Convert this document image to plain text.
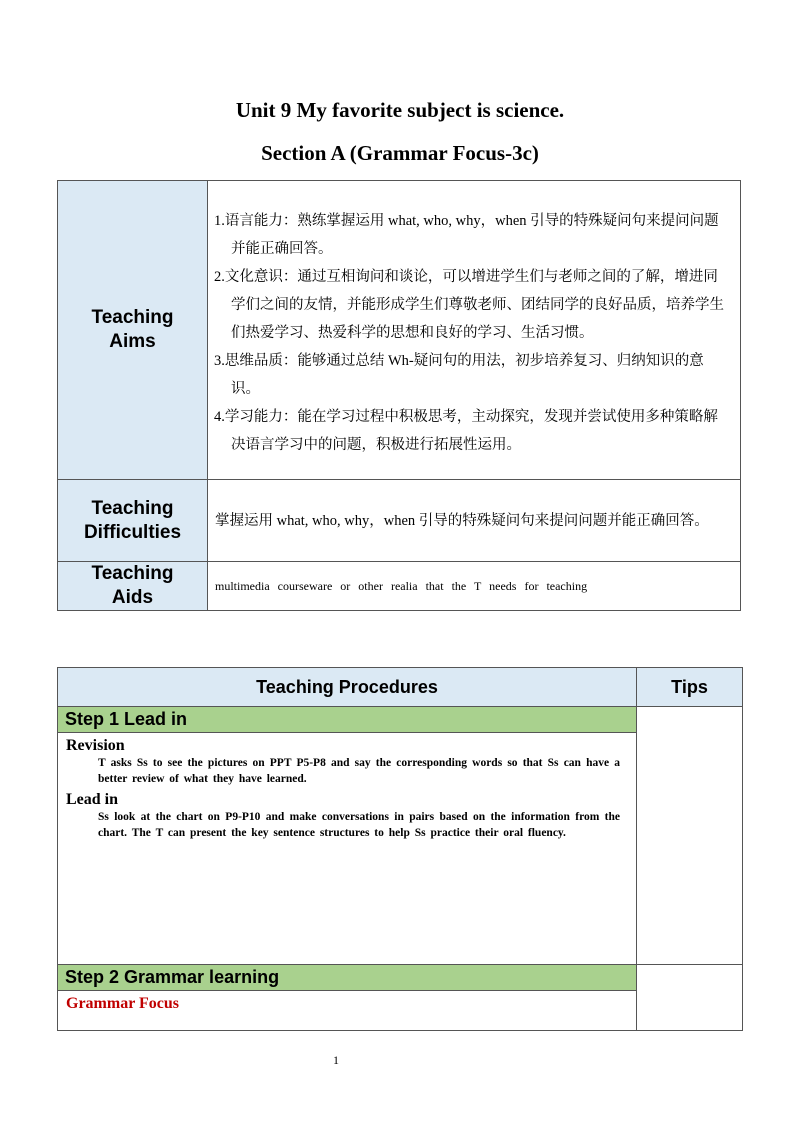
Unit 9 My favorite subject is science.
Section A (Grammar Focus-3c)
Teaching Aims	1.语言能力：熟练掌握运用 what, who, why，when 引导的特殊疑问句来提问问题并能正确回答。
2.文化意识：通过互相询问和谈论，可以增进学生们与老师之间的了解，增进同学们之间的友情，并能形成学生们尊敬老师、团结同学的良好品质，培养学生们热爱学习、热爱科学的思想和良好的学习、生活习惯。
3.思维品质：能够通过总结 Wh-疑问句的用法，初步培养复习、归纳知识的意识。
4.学习能力：能在学习过程中积极思考，主动探究，发现并尝试使用多种策略解决语言学习中的问题，积极进行拓展性运用。

Teaching Difficulties	掌握运用 what, who, why，when 引导的特殊疑问句来提问问题并能正确回答。

Teaching Aids	multimedia courseware or other realia that the T needs for teaching
Teaching Procedures	Tips
Step 1 Lead in	

Revision
T asks Ss to see the pictures on PPT P5-P8 and say the corresponding words so that Ss can have a better review of what they have learned.
Lead in
Ss look at the chart on P9-P10 and make conversations in pairs based on the information from the chart. The T can present the key sentence structures to help Ss practice their oral fluency.	

Step 2 Grammar learning	

Grammar Focus	
1
